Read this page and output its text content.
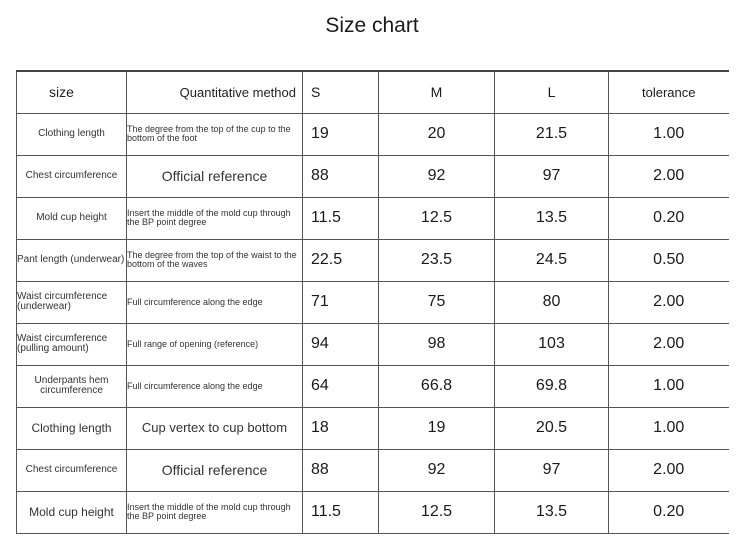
Size chart
size	Quantitative method	S	M	L	tolerance
Clothing length	The degree from the top of the cup to the bottom of the foot	19	20	21.5	1.00
Chest circumference	Official reference	88	92	97	2.00
Mold cup height	Insert the middle of the mold cup through the BP point degree	11.5	12.5	13.5	0.20
Pant length (underwear)	The degree from the top of the waist to the bottom of the waves	22.5	23.5	24.5	0.50
Waist circumference (underwear)	Full circumference along the edge	71	75	80	2.00
Waist circumference (pulling amount)	Full range of opening (reference)	94	98	103	2.00
Underpants hem circumference	Full circumference along the edge	64	66.8	69.8	1.00
Clothing length	Cup vertex to cup bottom	18	19	20.5	1.00
Chest circumference	Official reference	88	92	97	2.00
Mold cup height	Insert the middle of the mold cup through the BP point degree	11.5	12.5	13.5	0.20
